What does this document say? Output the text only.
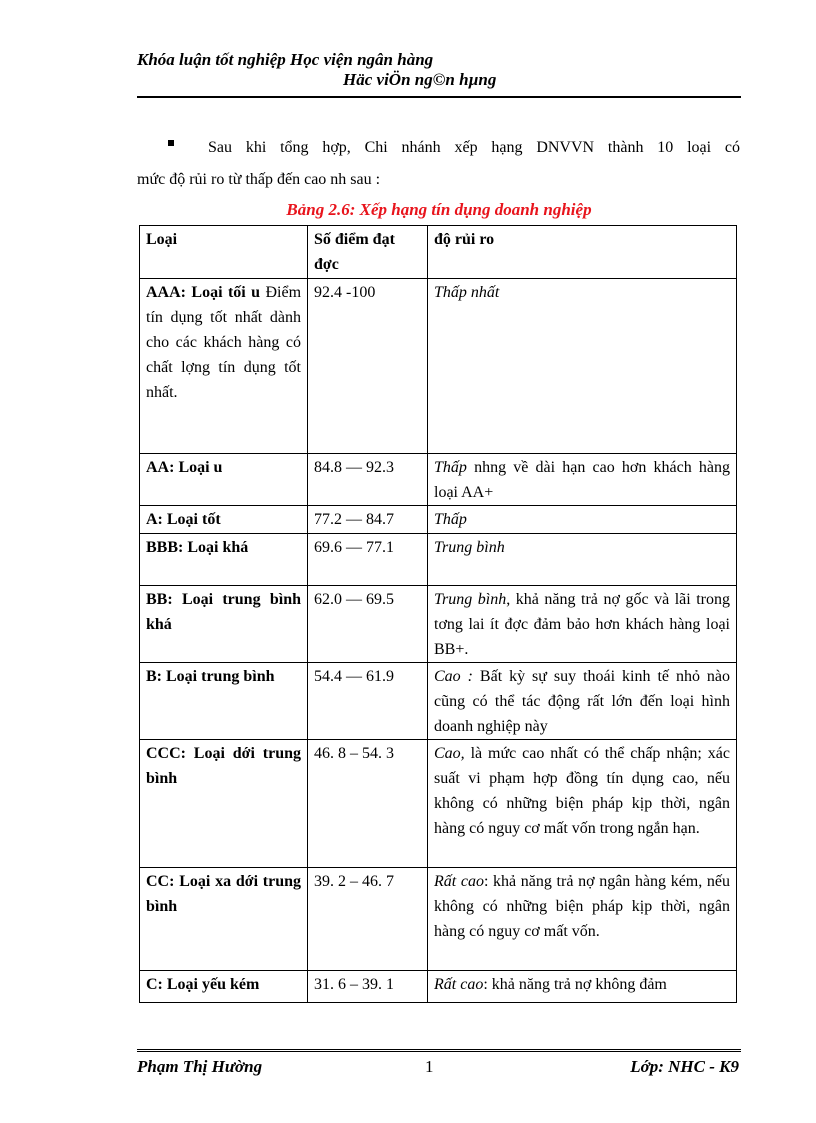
Khóa luận tốt nghiệp Học viện ngân hàng
Häc viÖn ng©n hµng
Sau khi tổng hợp, Chi nhánh xếp hạng DNVVN thành 10 loại có
mức độ rủi ro từ thấp đến cao nh sau :
Bảng 2.6: Xếp hạng tín dụng doanh nghiệp
Loại	Số điểm đạt đợc	độ rủi ro
AAA: Loại tối u Điểm tín dụng tốt nhất dành cho các khách hàng có chất lợng tín dụng tốt nhất.	92.4 -100	Thấp nhất
AA: Loại u	84.8 — 92.3	Thấp nhng về dài hạn cao hơn khách hàng loại AA+
A: Loại tốt	77.2 — 84.7	Thấp
BBB: Loại khá	69.6 — 77.1	Trung bình
BB: Loại trung bình khá	62.0 — 69.5	Trung bình, khả năng trả nợ gốc và lãi trong tơng lai ít đợc đảm bảo hơn khách hàng loại BB+.
B: Loại trung bình	54.4 — 61.9	Cao : Bất kỳ sự suy thoái kinh tế nhỏ nào cũng có thể tác động rất lớn đến loại hình doanh nghiệp này
CCC: Loại dới trung bình	46. 8 – 54. 3	Cao, là mức cao nhất có thể chấp nhận; xác suất vi phạm hợp đồng tín dụng cao, nếu không có những biện pháp kịp thời, ngân hàng có nguy cơ mất vốn trong ngắn hạn.
CC: Loại xa dới trung bình	39. 2 – 46. 7	Rất cao: khả năng trả nợ ngân hàng kém, nếu không có những biện pháp kịp thời, ngân hàng có nguy cơ mất vốn.
C: Loại yếu kém	31. 6 – 39. 1	Rất cao: khả năng trả nợ không đảm
Phạm Thị Hường	1	Lớp: NHC - K9
